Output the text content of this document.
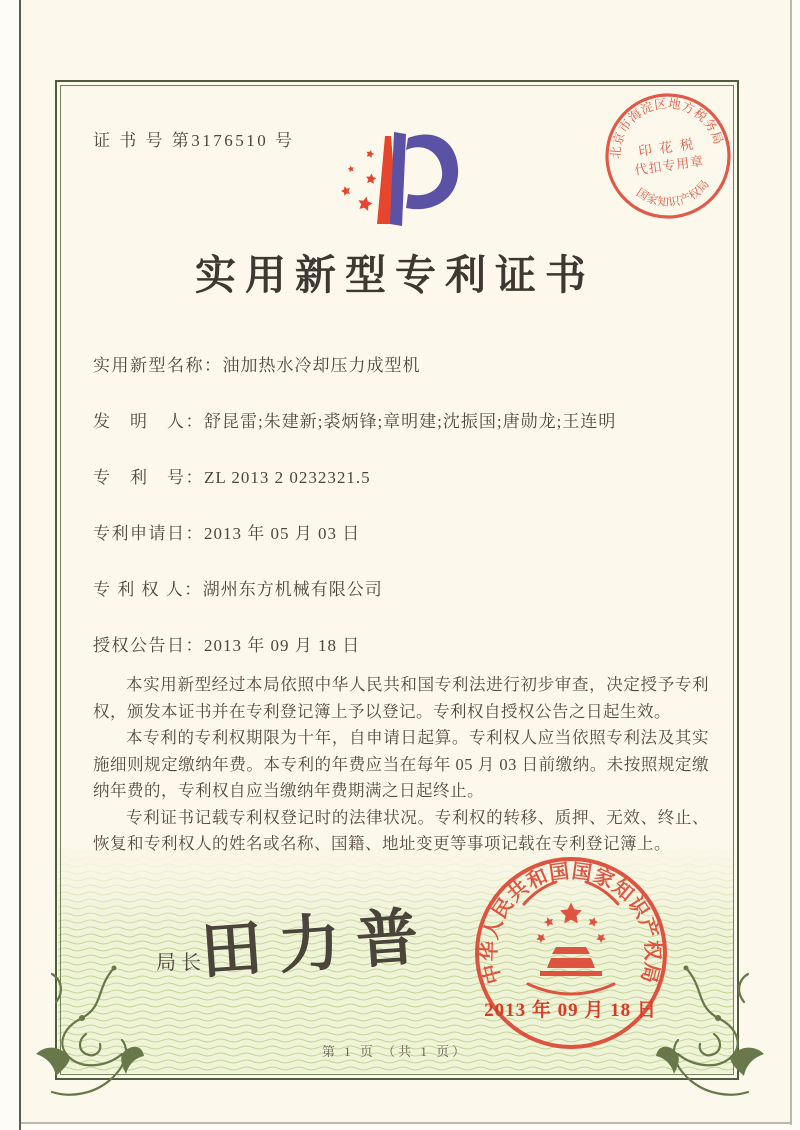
证 书 号 第3176510 号
北京市海淀区地方税务局
国家知识产权局
印 花 税
代扣专用章
实用新型专利证书
实用新型名称：油加热水冷却压力成型机
发　明　人：舒昆雷;朱建新;裘炳锋;章明建;沈振国;唐勋龙;王连明
专　利　号：ZL 2013 2 0232321.5
专利申请日：2013 年 05 月 03 日
专 利 权 人：湖州东方机械有限公司
授权公告日：2013 年 09 月 18 日

本实用新型经过本局依照中华人民共和国专利法进行初步审查，决定授予专利权，颁发本证书并在专利登记簿上予以登记。专利权自授权公告之日起生效。

本专利的专利权期限为十年，自申请日起算。专利权人应当依照专利法及其实施细则规定缴纳年费。本专利的年费应当在每年 05 月 03 日前缴纳。未按照规定缴纳年费的，专利权自应当缴纳年费期满之日起终止。

专利证书记载专利权登记时的法律状况。专利权的转移、质押、无效、终止、恢复和专利权人的姓名或名称、国籍、地址变更等事项记载在专利登记簿上。

局长
田力普 中华人民共和国国家知识产权局
2013 年 09 月 18 日
第 1 页 （共 1 页）
